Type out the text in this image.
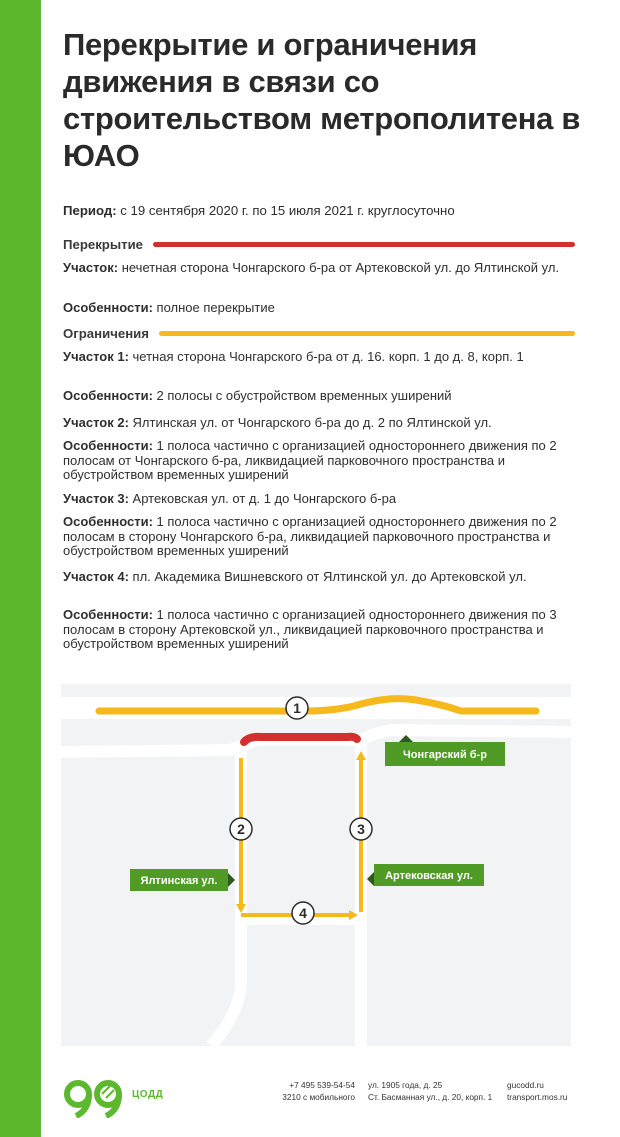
Перекрытие и ограничения движения в связи со строительством метрополитена в ЮАО
Период: с 19 сентября 2020 г. по 15 июля 2021 г. круглосуточно
Перекрытие
Участок: нечетная сторона Чонгарского б-ра от Артековской ул. до Ялтинской ул.
Особенности: полное перекрытие
Ограничения
Участок 1: четная сторона Чонгарского б-ра от д. 16. корп. 1 до д. 8, корп. 1
Особенности: 2 полосы с обустройством временных уширений
Участок 2: Ялтинская ул. от Чонгарского б-ра до д. 2 по Ялтинской ул.
Особенности: 1 полоса частично с организацией одностороннего движения по 2 полосам от Чонгарского б-ра, ликвидацией парковочного пространства и обустройством временных уширений
Участок 3: Артековская ул. от д. 1 до Чонгарского б-ра
Особенности: 1 полоса частично с организацией одностороннего движения по 2 полосам в сторону Чонгарского б-ра, ликвидацией парковочного пространства и обустройством временных уширений
Участок 4: пл. Академика Вишневского от Ялтинской ул. до Артековской ул.
Особенности: 1 полоса частично с организацией одностороннего движения по 3 полосам в сторону Артековской ул., ликвидацией парковочного пространства и обустройством временных уширений
1
2	3
4
Чонгарский б-р
Ялтинская ул.	Артековская ул.
ЦОДД
+7 495 539-54-54
3210 с мобильного
ул. 1905 года, д. 25
Ст. Басманная ул., д. 20, корп. 1
gucodd.ru
transport.mos.ru
